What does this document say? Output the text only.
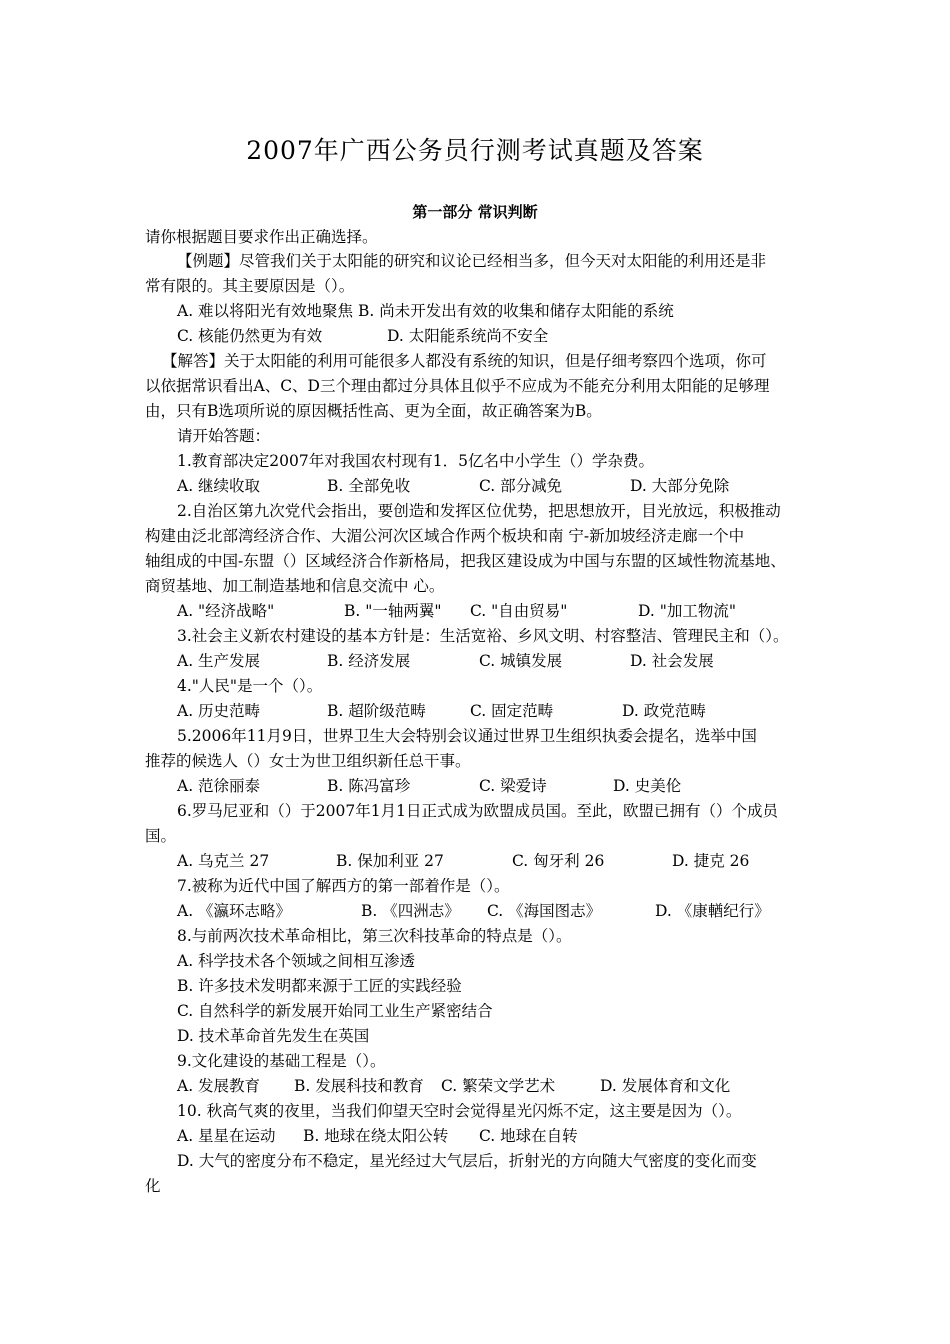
2007年广西公务员行测考试真题及答案
第一部分 常识判断
请你根据题目要求作出正确选择。
【例题】尽管我们关于太阳能的研究和议论已经相当多，但今天对太阳能的利用还是非
常有限的。其主要原因是（）。
A. 难以将阳光有效地聚焦 B. 尚未开发出有效的收集和储存太阳能的系统
C. 核能仍然更为有效	D. 太阳能系统尚不安全
【解答】关于太阳能的利用可能很多人都没有系统的知识，但是仔细考察四个选项，你可
以依据常识看出A、C、D三个理由都过分具体且似乎不应成为不能充分利用太阳能的足够理
由，只有B选项所说的原因概括性高、更为全面，故正确答案为B。
请开始答题：
1.教育部决定2007年对我国农村现有1．5亿名中小学生（）学杂费。
A. 继续收取	B. 全部免收	C. 部分减免	D. 大部分免除
2.自治区第九次党代会指出，要创造和发挥区位优势，把思想放开，目光放远，积极推动
构建由泛北部湾经济合作、大湄公河次区域合作两个板块和南 宁-新加坡经济走廊一个中
轴组成的中国-东盟（）区域经济合作新格局，把我区建设成为中国与东盟的区域性物流基地、
商贸基地、加工制造基地和信息交流中 心。
A. "经济战略"	B. "一轴两翼" C. "自由贸易"	D. "加工物流"
3.社会主义新农村建设的基本方针是：生活宽裕、乡风文明、村容整洁、管理民主和（）。
A. 生产发展	B. 经济发展	C. 城镇发展	D. 社会发展
4."人民"是一个（）。
A. 历史范畴	B. 超阶级范畴	C. 固定范畴	D. 政党范畴
5.2006年11月9日，世界卫生大会特别会议通过世界卫生组织执委会提名，选举中国
推荐的候选人（）女士为世卫组织新任总干事。
A. 范徐丽泰	B. 陈冯富珍	C. 梁爱诗	D. 史美伦
6.罗马尼亚和（）于2007年1月1日正式成为欧盟成员国。至此，欧盟已拥有（）个成员
国。
A. 乌克兰 27	B. 保加利亚 27	C. 匈牙利 26	D. 捷克 26
7.被称为近代中国了解西方的第一部着作是（）。
A. 《瀛环志略》	B. 《四洲志》 C. 《海国图志》	D. 《康輶纪行》
8.与前两次技术革命相比，第三次科技革命的特点是（）。
A. 科学技术各个领域之间相互渗透
B. 许多技术发明都来源于工匠的实践经验
C. 自然科学的新发展开始同工业生产紧密结合
D. 技术革命首先发生在英国
9.文化建设的基础工程是（）。
A. 发展教育 B. 发展科技和教育 C. 繁荣文学艺术	D. 发展体育和文化
10. 秋高气爽的夜里，当我们仰望天空时会觉得星光闪烁不定，这主要是因为（）。
A. 星星在运动 B. 地球在绕太阳公转 C. 地球在自转
D. 大气的密度分布不稳定，星光经过大气层后，折射光的方向随大气密度的变化而变
化
